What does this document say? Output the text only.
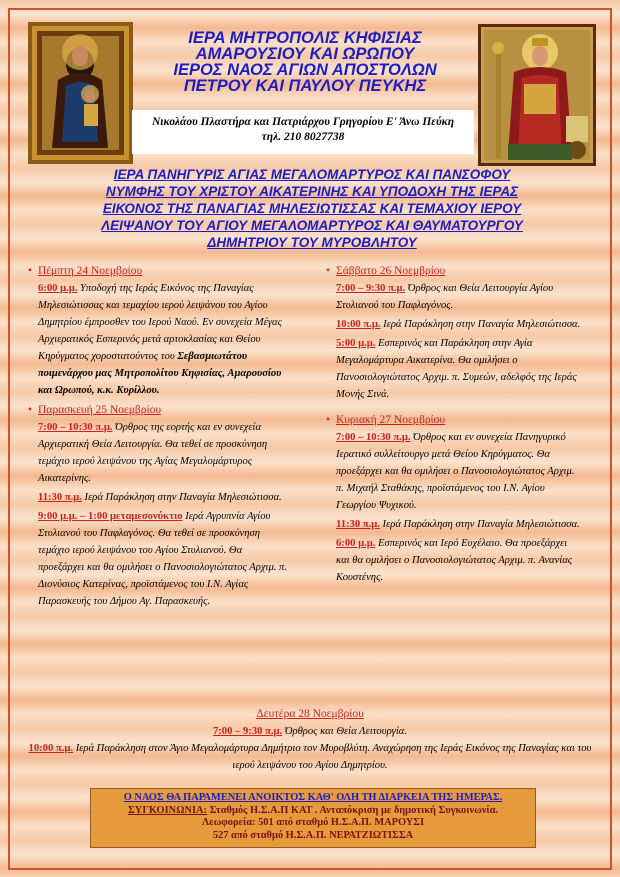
ΙΕΡΑ ΜΗΤΡΟΠΟΛΙΣ ΚΗΦΙΣΙΑΣ
ΑΜΑΡΟΥΣΙΟΥ ΚΑΙ ΩΡΩΠΟΥ
ΙΕΡΟΣ ΝΑΟΣ ΑΓΙΩΝ ΑΠΟΣΤΟΛΩΝ
ΠΕΤΡΟΥ ΚΑΙ ΠΑΥΛΟΥ ΠΕΥΚΗΣ
Νικολάου Πλαστήρα και Πατριάρχου Γρηγορίου Ε' Άνω Πεύκη
τηλ. 210 8027738
ΙΕΡΑ ΠΑΝΗΓΥΡΙΣ ΑΓΙΑΣ ΜΕΓΑΛΟΜΑΡΤΥΡΟΣ ΚΑΙ ΠΑΝΣΟΦΟΥ
ΝΥΜΦΗΣ ΤΟΥ ΧΡΙΣΤΟΥ ΑΙΚΑΤΕΡΙΝΗΣ ΚΑΙ ΥΠΟΔΟΧΗ ΤΗΣ ΙΕΡΑΣ
ΕΙΚΟΝΟΣ ΤΗΣ ΠΑΝΑΓΙΑΣ ΜΗΛΕΣΙΩΤΙΣΣΑΣ ΚΑΙ ΤΕΜΑΧΙΟΥ ΙΕΡΟΥ
ΛΕΙΨΑΝΟΥ ΤΟΥ ΑΓΙΟΥ ΜΕΓΑΛΟΜΑΡΤΥΡΟΣ ΚΑΙ ΘΑΥΜΑΤΟΥΡΓΟΥ
ΔΗΜΗΤΡΙΟΥ ΤΟΥ ΜΥΡΟΒΛΗΤΟΥ
• Πέμπτη 24 Νοεμβρίου
6:00 μ.μ. Υποδοχή της Ιεράς Εικόνος της Παναγίας Μηλεσιώτισσας και τεμαχίου ιερού λειψάνου του Αγίου Δημητρίου έμπροσθεν του Ιερού Ναού. Εν συνεχεία Μέγας Αρχιερατικός Εσπερινός μετά αρτοκλασίας και Θείου Κηρύγματος χοροστατούντος του Σεβασμιωτάτου ποιμενάρχου μας Μητροπολίτου Κηφισίας, Αμαρουσίου και Ωρωπού, κ.κ. Κυρίλλου.
• Παρασκευή 25 Νοεμβρίου
7:00 – 10:30 π.μ. Όρθρος της εορτής και εν συνεχεία Αρχιερατική Θεία Λειτουργία. Θα τεθεί σε προσκύνηση τεμάχιο ιερού λειψάνου της Αγίας Μεγαλομάρτυρος Αικατερίνης.
11:30 π.μ. Ιερά Παράκληση στην Παναγία Μηλεσιώτισσα.
9:00 μ.μ. – 1:00 μεταμεσονύκτιο Ιερά Αγρυπνία Αγίου Στυλιανού του Παφλαγόνος. Θα τεθεί σε προσκύνηση τεμάχιο ιερού λειψάνου του Αγίου Στυλιανού. Θα προεξάρχει και θα ομιλήσει ο Πανοσιολογιώτατος Αρχιμ. π. Διονύσιος Κατερίνας, προϊστάμενος του Ι.Ν. Αγίας Παρασκευής του Δήμου Αγ. Παρασκευής.
• Σάββατο 26 Νοεμβρίου
7:00 – 9:30 π.μ. Όρθρος και Θεία Λειτουργία Αγίου Στυλιανού του Παφλαγόνος.
10:00 π.μ. Ιερά Παράκληση στην Παναγία Μηλεσιώτισσα.
5:00 μ.μ. Εσπερινός και Παράκληση στην Αγία Μεγαλομάρτυρα Αικατερίνα. Θα ομιλήσει ο Πανοσιολογιώτατος Αρχιμ. π. Συμεών, αδελφός της Ιεράς Μονής Σινά.
• Κυριακή 27 Νοεμβρίου
7:00 – 10:30 π.μ. Όρθρος και εν συνεχεία Πανηγυρικό Ιερατικό συλλείτουργο μετά Θείου Κηρύγματος. Θα προεξάρχει και θα ομιλήσει ο Πανοσιολογιώτατος Αρχιμ. π. Μιχαήλ Σταθάκης, προϊστάμενος του Ι.Ν. Αγίου Γεωργίου Ψυχικού.
11:30 π.μ. Ιερά Παράκληση στην Παναγία Μηλεσιώτισσα.
6:00 μ.μ. Εσπερινός και Ιερό Ευχέλαιο. Θα προεξάρχει και θα ομιλήσει ο Πανοσιολογιώτατος Αρχιμ. π. Ανανίας Κουστένης.
Δευτέρα 28 Νοεμβρίου
7:00 – 9:30 π.μ. Όρθρος και Θεία Λειτουργία.
10:00 π.μ. Ιερά Παράκληση στον Άγιο Μεγαλομάρτυρα Δημήτριο τον Μυροβλύτη. Αναχώρηση της Ιεράς Εικόνος της Παναγίας και του ιερού λειψάνου του Αγίου Δημητρίου.
Ο ΝΑΟΣ ΘΑ ΠΑΡΑΜΕΝΕΙ ΑΝΟΙΚΤΟΣ ΚΑΘ' ΟΛΗ ΤΗ ΔΙΑΡΚΕΙΑ ΤΗΣ ΗΜΕΡΑΣ.
ΣΥΓΚΟΙΝΩΝΙΑ: Σταθμός Η.Σ.Α.Π ΚΑΤ . Ανταπόκριση με δημοτική Συγκοινωνία.
Λεωφορεία: 501 από σταθμό Η.Σ.Α.Π. ΜΑΡΟΥΣΙ
527 από σταθμό Η.Σ.Α.Π. ΝΕΡΑΤΖΙΩΤΙΣΣΑ
